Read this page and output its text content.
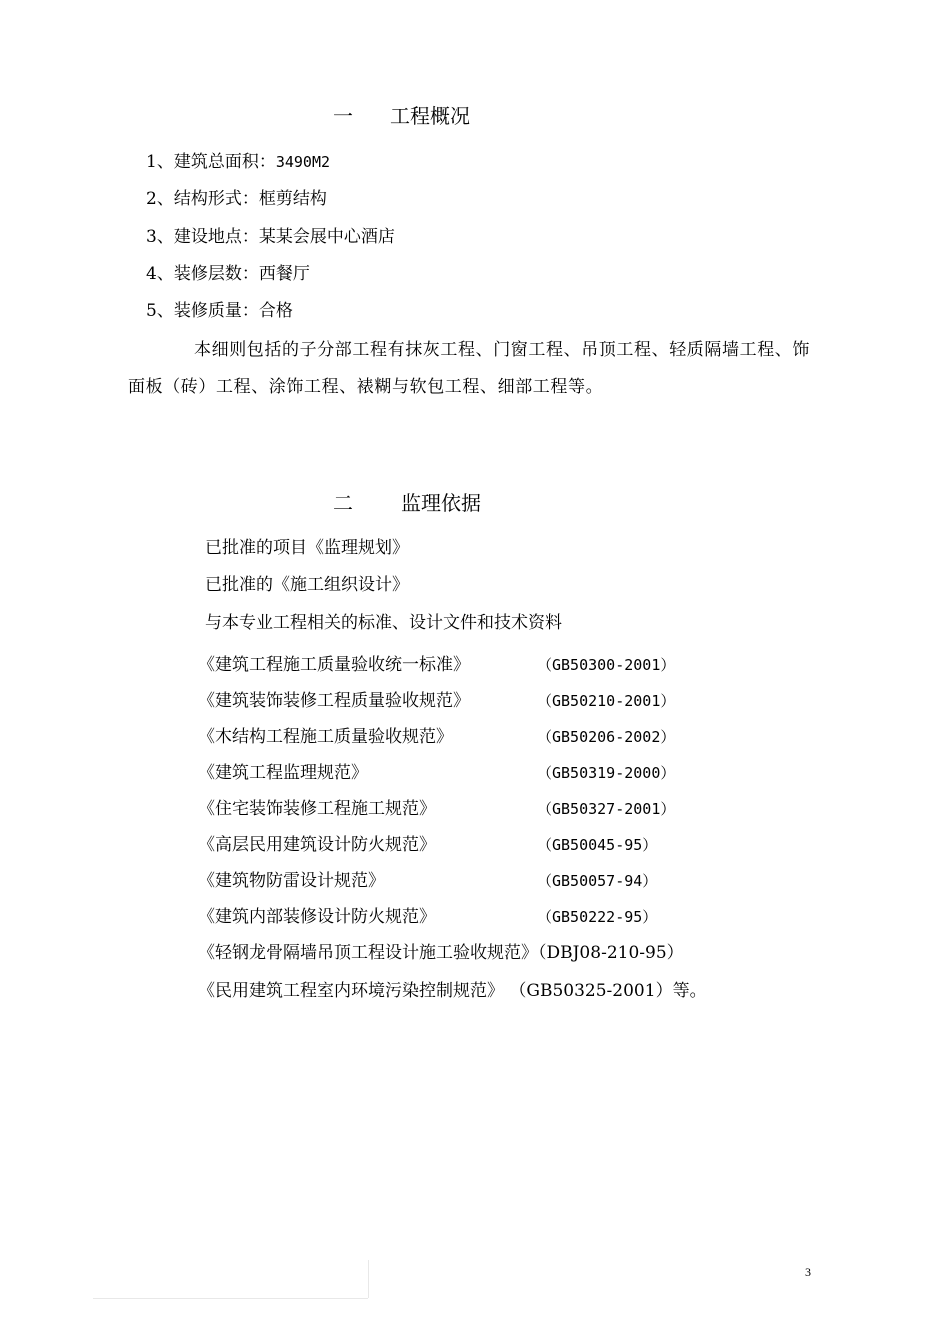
一 工程概况
1、建筑总面积：3490M2
2、结构形式：框剪结构
3、建设地点：某某会展中心酒店
4、装修层数：西餐厅
5、装修质量：合格
本细则包括的子分部工程有抹灰工程、门窗工程、吊顶工程、轻质隔墙工程、饰
面板（砖）工程、涂饰工程、裱糊与软包工程、细部工程等。
二 监理依据
已批准的项目《监理规划》
已批准的《施工组织设计》
与本专业工程相关的标准、设计文件和技术资料
《建筑工程施工质量验收统一标准》	（GB50300-2001）
《建筑装饰装修工程质量验收规范》	（GB50210-2001）
《木结构工程施工质量验收规范》	（GB50206-2002）
《建筑工程监理规范》	（GB50319-2000）
《住宅装饰装修工程施工规范》	（GB50327-2001）
《高层民用建筑设计防火规范》	（GB50045-95）
《建筑物防雷设计规范》	（GB50057-94）
《建筑内部装修设计防火规范》	（GB50222-95）
《轻钢龙骨隔墙吊顶工程设计施工验收规范》（DBJ08-210-95）
《民用建筑工程室内环境污染控制规范》 （GB50325-2001）等。
3
